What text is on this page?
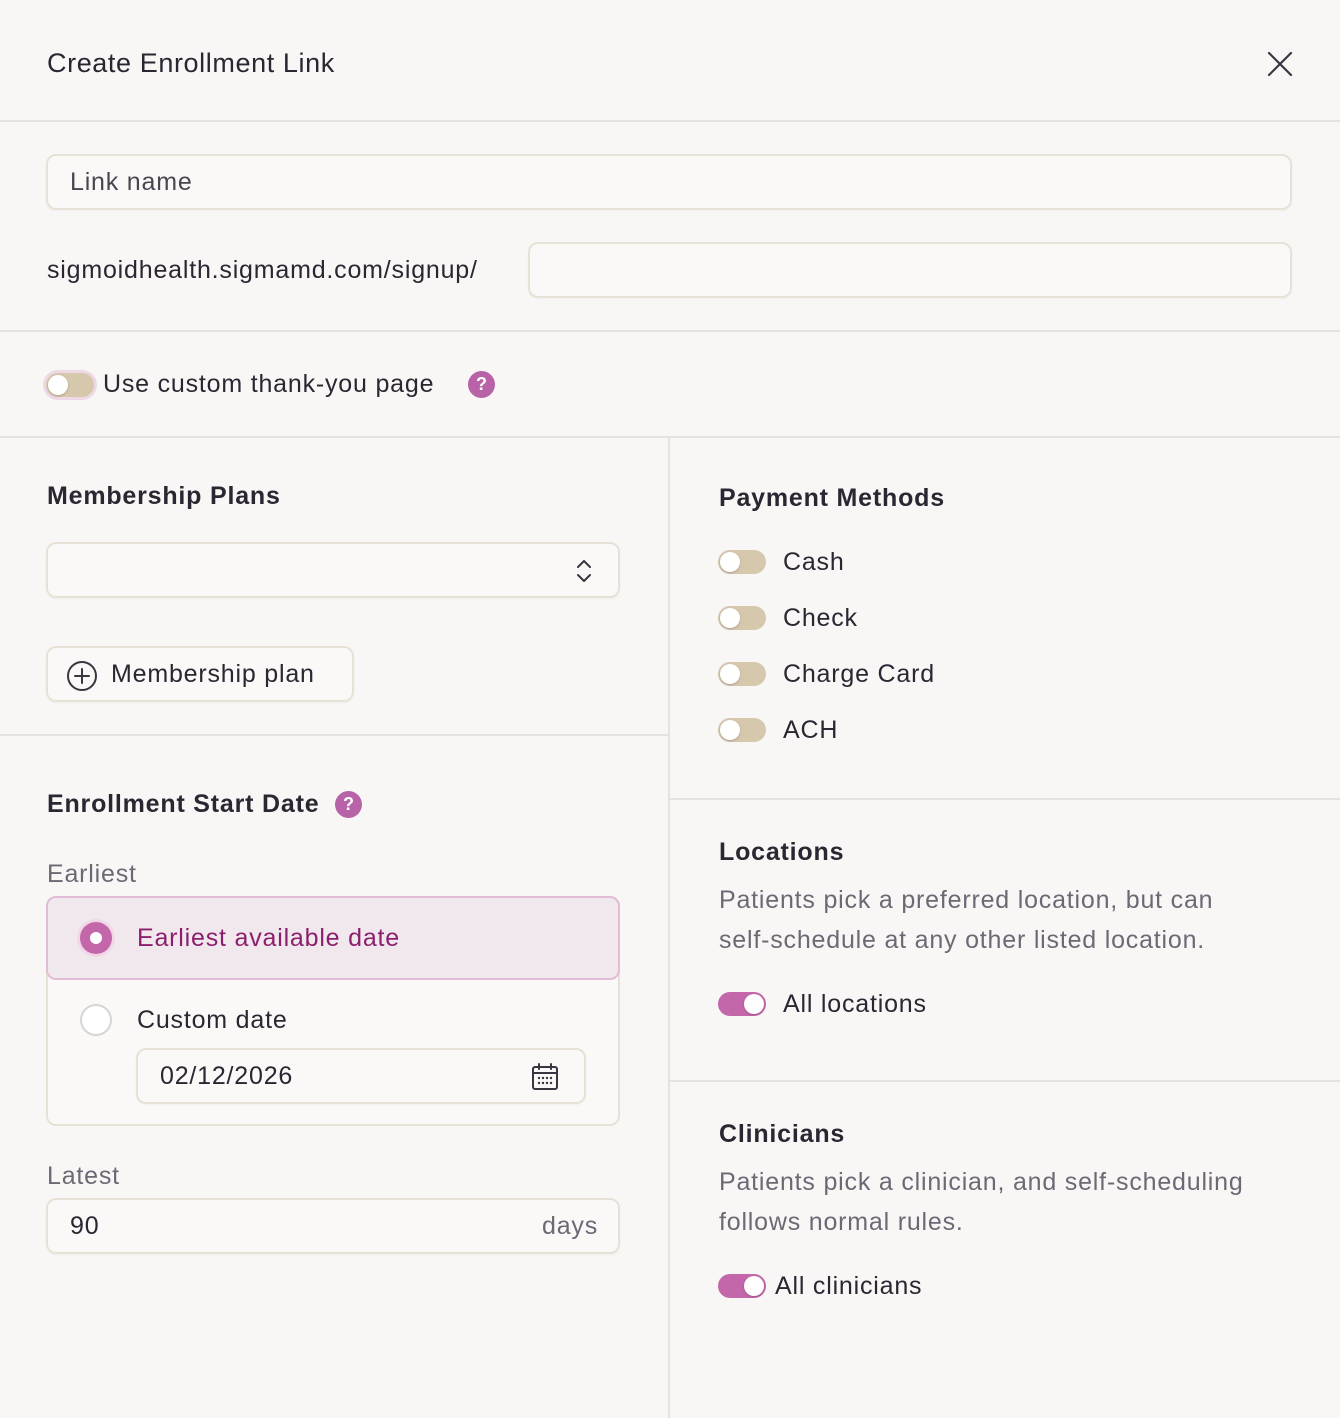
Create Enrollment Link
Link name
sigmoidhealth.sigmamd.com/signup/
Use custom thank-you page	?
Membership Plans
Membership plan
Enrollment Start Date	?
Earliest
Earliest available date
Custom date
02/12/2026
Latest
90
days
Payment Methods
Cash
Check
Charge Card
ACH
Locations
Patients pick a preferred location, but can
self-schedule at any other listed location.
All locations
Clinicians
Patients pick a clinician, and self-scheduling
follows normal rules.
All clinicians
